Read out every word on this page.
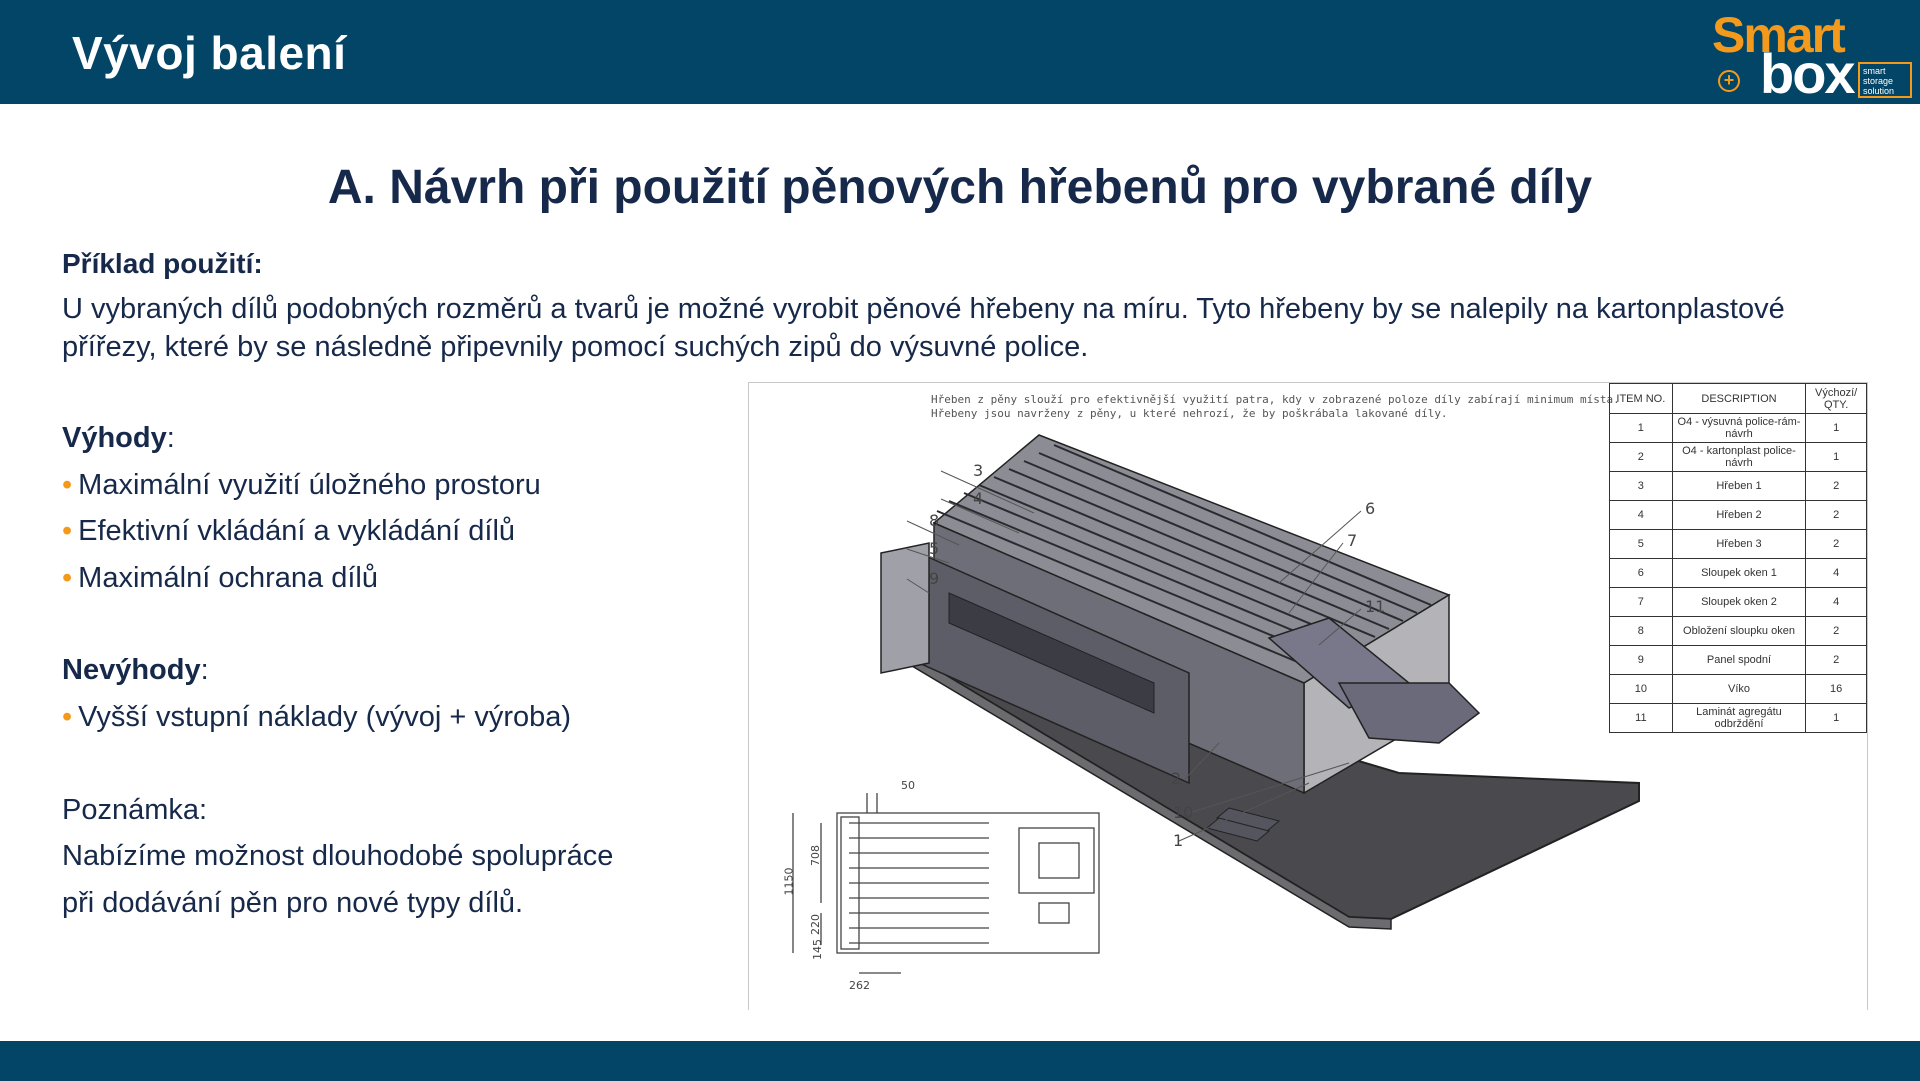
Vývoj balení	Smart
+ box smart
storage
solution
A. Návrh při použití pěnových hřebenů pro vybrané díly
Příklad použití:
U vybraných dílů podobných rozměrů a tvarů je možné vyrobit pěnové hřebeny na míru. Tyto hřebeny by se nalepily na kartonplastové přířezy, které by se následně připevnily pomocí suchých zipů do výsuvné police.
Výhody:
• Maximální využití úložného prostoru
• Efektivní vkládání a vykládání dílů
• Maximální ochrana dílů
Nevýhody:
• Vyšší vstupní náklady (vývoj + výroba)
Poznámka:
Nabízíme možnost dlouhodobé spolupráce
při dodávání pěn pro nové typy dílů.
Hřeben z pěny slouží pro efektivnější využití patra, kdy v zobrazené poloze díly zabírají minimum místa.
Hřebeny jsou navrženy z pěny, u které nehrozí, že by poškrábala lakované díly.
ITEM NO.	DESCRIPTION	Výchozí/
QTY.

1	O4 - výsuvná police-rám-návrh	1
2	O4 - kartonplast police-návrh	1
3	Hřeben 1	2
4	Hřeben 2	2
5	Hřeben 3	2
6	Sloupek oken 1	4
7	Sloupek oken 2	4
8	Obložení sloupku oken	2
9	Panel spodní	2
10	Víko	16
11	Laminát agregátu odbrždění	1
3
4
8
5
9
6
7
11
2
10
1
50
1150
708
220
145
262
